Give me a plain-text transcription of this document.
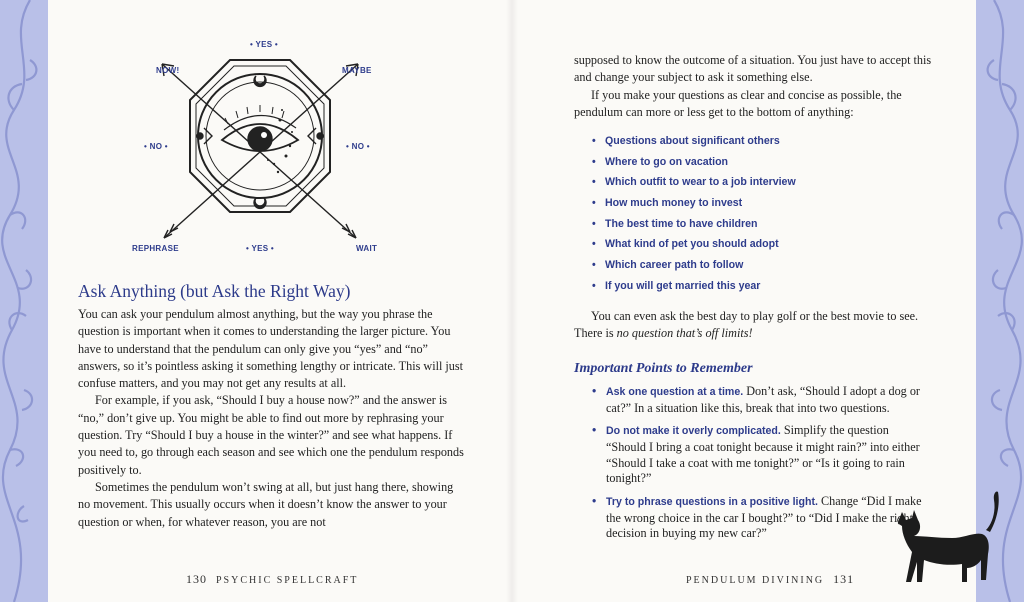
• YES •
NOW!	MAYBE
• NO •	• NO •
REPHRASE	• YES •	WAIT
Ask Anything (but Ask the Right Way)

You can ask your pendulum almost anything, but the way you phrase the question is important when it comes to understanding the larger picture. You have to understand that the pendulum can only give you “yes” and “no” answers, so it’s pointless asking it something lengthy or intricate. This will just confuse matters, and you may not get any results at all.

For example, if you ask, “Should I buy a house now?” and the answer is “no,” don’t give up. You might be able to find out more by rephrasing your question. Try “Should I buy a house in the winter?” and see what happens. If you need to, go through each season and see which one the pendulum responds positively to.

Sometimes the pendulum won’t swing at all, but just hang there, showing no movement. This usually occurs when it doesn’t know the answer to your question or when, for whatever reason, you are not

supposed to know the outcome of a situation. You just have to accept this and change your subject to ask it something else.

If you make your questions as clear and concise as possible, the pendulum can more or less get to the bottom of anything:

• Questions about significant others
• Where to go on vacation
• Which outfit to wear to a job interview
• How much money to invest
• The best time to have children
• What kind of pet you should adopt
• Which career path to follow
• If you will get married this year

You can even ask the best day to play golf or the best movie to see. There is no question that’s off limits!

Important Points to Remember
• Ask one question at a time. Don’t ask, “Should I adopt a dog or cat?” In a situation like this, break that into two questions.
• Do not make it overly complicated. Simplify the question “Should I bring a coat tonight because it might rain?” into either “Should I take a coat with me tonight?” or “Is it going to rain tonight?”
• Try to phrase questions in a positive light. Change “Did I make the wrong choice in the car I bought?” to “Did I make the right decision in buying my new car?”
130 PSYCHIC SPELLCRAFT	PENDULUM DIVINING 131
